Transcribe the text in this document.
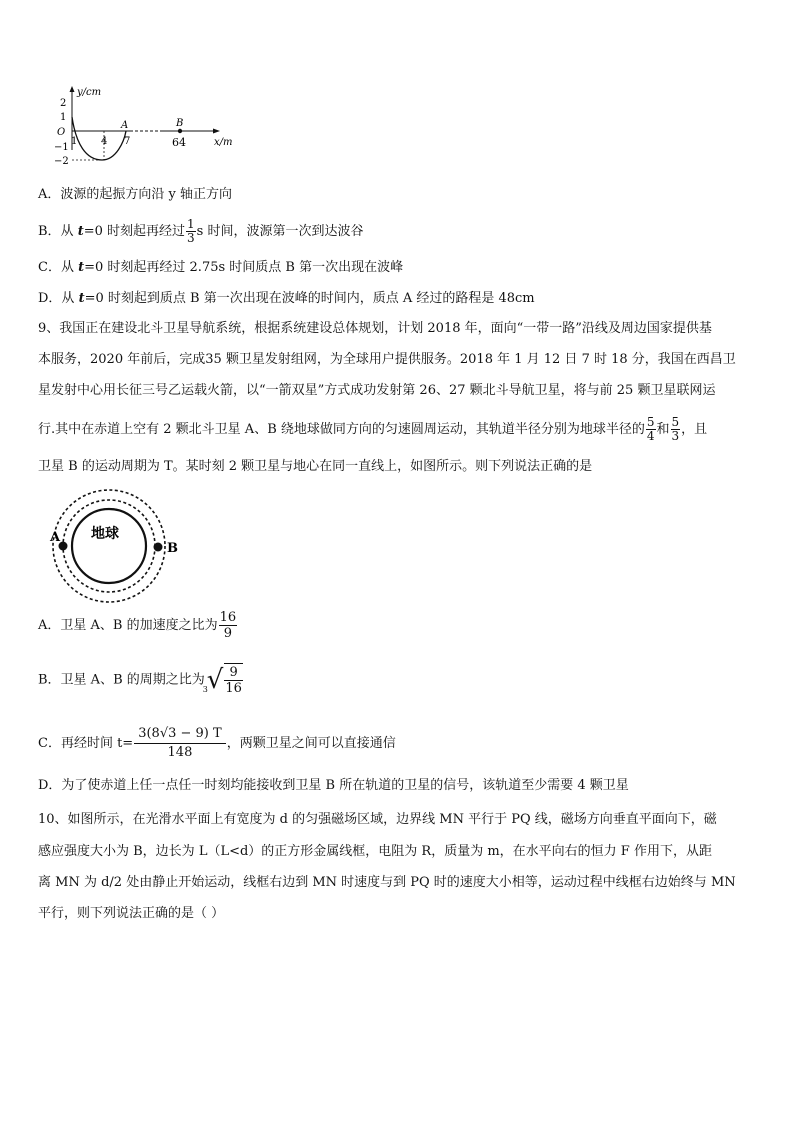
y/cm
2
1
O
−1
−2
1 4 7
A	B
64	x/m
A．波源的起振方向沿 y 轴正方向
B．从 t=0 时刻起再经过 $\frac{1}{3}$ s 时间，波源第一次到达波谷
C．从 t=0 时刻起再经过 2.75s 时间质点 B 第一次出现在波峰
D．从 t=0 时刻起到质点 B 第一次出现在波峰的时间内，质点 A 经过的路程是 48cm
9、我国正在建设北斗卫星导航系统，根据系统建设总体规划，计划 2018 年，面向“一带一路”沿线及周边国家提供基
本服务，2020 年前后，完成35 颗卫星发射组网，为全球用户提供服务。2018 年 1 月 12 日 7 时 18 分，我国在西昌卫
星发射中心用长征三号乙运载火箭，以“一箭双星”方式成功发射第 26、27 颗北斗导航卫星，将与前 25 颗卫星联网运
行.其中在赤道上空有 2 颗北斗卫星 A、B 绕地球做同方向的匀速圆周运动，其轨道半径分别为地球半径的 $\frac{5}{4}$ 和 $\frac{5}{3}$ ，且
卫星 B 的运动周期为 T。某时刻 2 颗卫星与地心在同一直线上，如图所示。则下列说法正确的是
地球
A
B
A．卫星 A、B 的加速度之比为 $\frac{16}{9}$
B．卫星 A、B 的周期之比为
3
√ $\frac{9}{16}$
C．再经时间 $t= \frac{3(8√3 - 9) T}{148}$ ，两颗卫星之间可以直接通信
D．为了使赤道上任一点任一时刻均能接收到卫星 B 所在轨道的卫星的信号，该轨道至少需要 4 颗卫星
10、如图所示，在光滑水平面上有宽度为 d 的匀强磁场区域，边界线 MN 平行于 PQ 线，磁场方向垂直平面向下，磁
感应强度大小为 B，边长为 L（L<d）的正方形金属线框，电阻为 R，质量为 m，在水平向右的恒力 F 作用下，从距
离 MN 为 d/2 处由静止开始运动，线框右边到 MN 时速度与到 PQ 时的速度大小相等，运动过程中线框右边始终与 MN
平行，则下列说法正确的是（ ）
